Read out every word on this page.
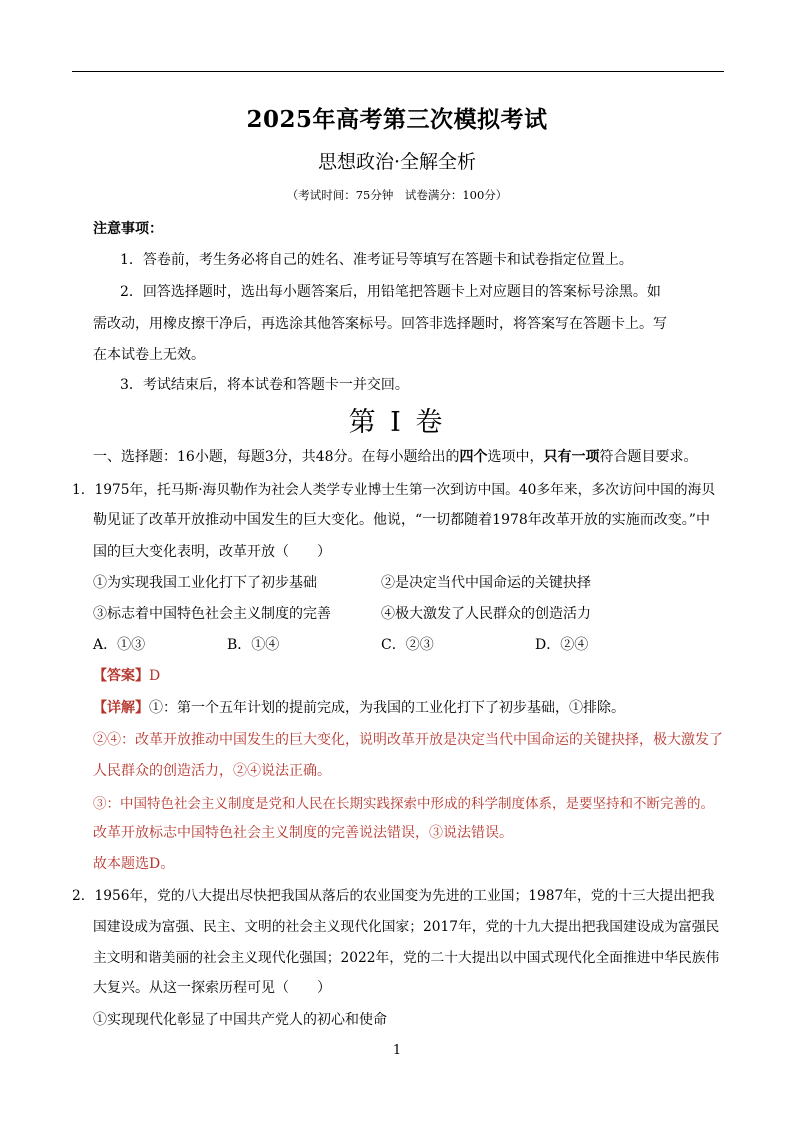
2025年高考第三次模拟考试
思想政治·全解全析
（考试时间：75分钟　试卷满分：100分）
注意事项：
1．答卷前，考生务必将自己的姓名、准考证号等填写在答题卡和试卷指定位置上。
2．回答选择题时，选出每小题答案后，用铅笔把答题卡上对应题目的答案标号涂黑。如
需改动，用橡皮擦干净后，再选涂其他答案标号。回答非选择题时，将答案写在答题卡上。写
在本试卷上无效。
3．考试结束后，将本试卷和答题卡一并交回。
第 I 卷
一、选择题：16小题，每题3分，共48分。在每小题给出的四个选项中，只有一项符合题目要求。
1．1975年，托马斯·海贝勒作为社会人类学专业博士生第一次到访中国。40多年来，多次访问中国的海贝
勒见证了改革开放推动中国发生的巨大变化。他说，“一切都随着1978年改革开放的实施而改变。”中
国的巨大变化表明，改革开放（　　）
①为实现我国工业化打下了初步基础	②是决定当代中国命运的关键抉择
③标志着中国特色社会主义制度的完善	④极大激发了人民群众的创造活力
A．①③	B．①④	C．②③	D．②④
【答案】D
【详解】①：第一个五年计划的提前完成，为我国的工业化打下了初步基础，①排除。
②④：改革开放推动中国发生的巨大变化，说明改革开放是决定当代中国命运的关键抉择，极大激发了
人民群众的创造活力，②④说法正确。
③：中国特色社会主义制度是党和人民在长期实践探索中形成的科学制度体系，是要坚持和不断完善的。
改革开放标志中国特色社会主义制度的完善说法错误，③说法错误。
故本题选D。
2．1956年，党的八大提出尽快把我国从落后的农业国变为先进的工业国；1987年，党的十三大提出把我
国建设成为富强、民主、文明的社会主义现代化国家；2017年，党的十九大提出把我国建设成为富强民
主文明和谐美丽的社会主义现代化强国；2022年，党的二十大提出以中国式现代化全面推进中华民族伟
大复兴。从这一探索历程可见（　　）
①实现现代化彰显了中国共产党人的初心和使命
1
